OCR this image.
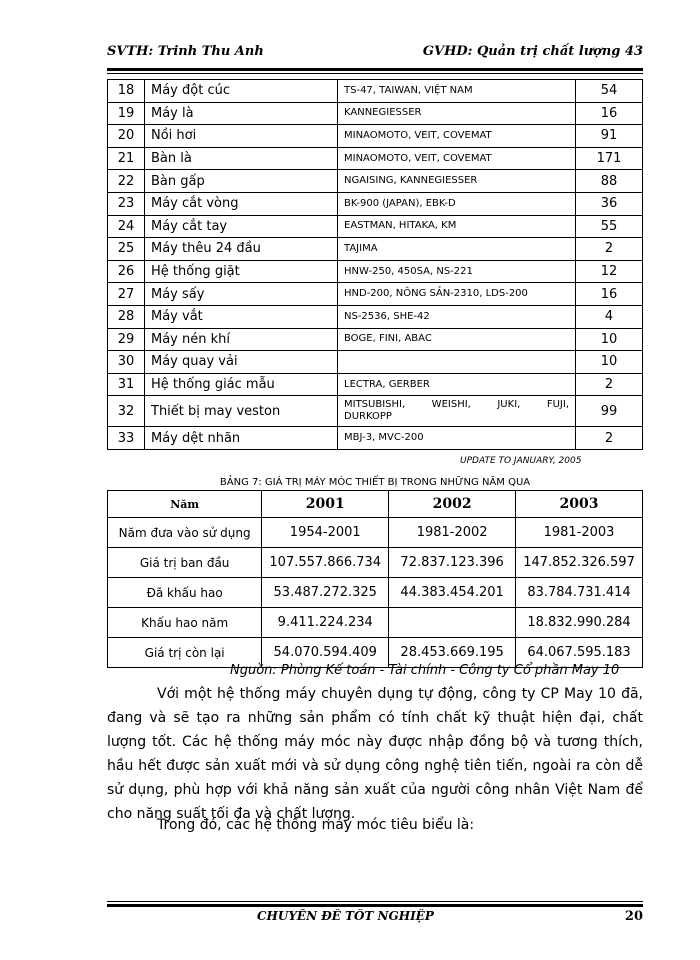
SVTH: Trinh Thu Anh	GVHD: Quản trị chất lượng 43
18	Máy đột cúc	TS-47, TAIWAN, VIỆT NAM	54
19	Máy là	KANNEGIESSER	16
20	Nồi hơi	MINAOMOTO, VEIT, COVEMAT	91
21	Bàn là	MINAOMOTO, VEIT, COVEMAT	171
22	Bàn gấp	NGAISING, KANNEGIESSER	88
23	Máy cắt vòng	BK-900 (JAPAN), EBK-D	36
24	Máy cắt tay	EASTMAN, HITAKA, KM	55
25	Máy thêu 24 đầu	TAJIMA	2
26	Hệ thống giặt	HNW-250, 450SA, NS-221	12
27	Máy sấy	HND-200, NÔNG SẢN-2310, LDS-200	16
28	Máy vắt	NS-2536, SHE-42	4
29	Máy nén khí	BOGE, FINI, ABAC	10
30	Máy quay vải		10
31	Hệ thống giác mẫu	LECTRA, GERBER	2
32	Thiết bị may veston	MITSUBISHI, WEISHI, JUKI, FUJI,
DURKOPP	99
33	Máy dệt nhãn	MBJ-3, MVC-200	2
UPDATE TO JANUARY, 2005
BẢNG 7: GIÁ TRỊ MÁY MÓC THIẾT BỊ TRONG NHỮNG NĂM QUA
Năm	2001	2002	2003
Năm đưa vào sử dụng	1954-2001	1981-2002	1981-2003
Giá trị ban đầu	107.557.866.734	72.837.123.396	147.852.326.597
Đã khấu hao	53.487.272.325	44.383.454.201	83.784.731.414
Khấu hao năm	9.411.224.234		18.832.990.284
Giá trị còn lại	54.070.594.409	28.453.669.195	64.067.595.183
Nguồn: Phòng Kế toán - Tài chính - Công ty Cổ phần May 10

Với một hệ thống máy chuyên dụng tự động, công ty CP May 10 đã, đang và sẽ tạo ra những sản phẩm có tính chất kỹ thuật hiện đại, chất lượng tốt. Các hệ thống máy móc này được nhập đồng bộ và tương thích, hầu hết được sản xuất mới và sử dụng công nghệ tiên tiến, ngoài ra còn dễ sử dụng, phù hợp với khả năng sản xuất của người công nhân Việt Nam để cho năng suất tối đa và chất lượng.

Trong đó, các hệ thống máy móc tiêu biểu là:

CHUYÊN ĐỀ TỐT NGHIỆP	20
